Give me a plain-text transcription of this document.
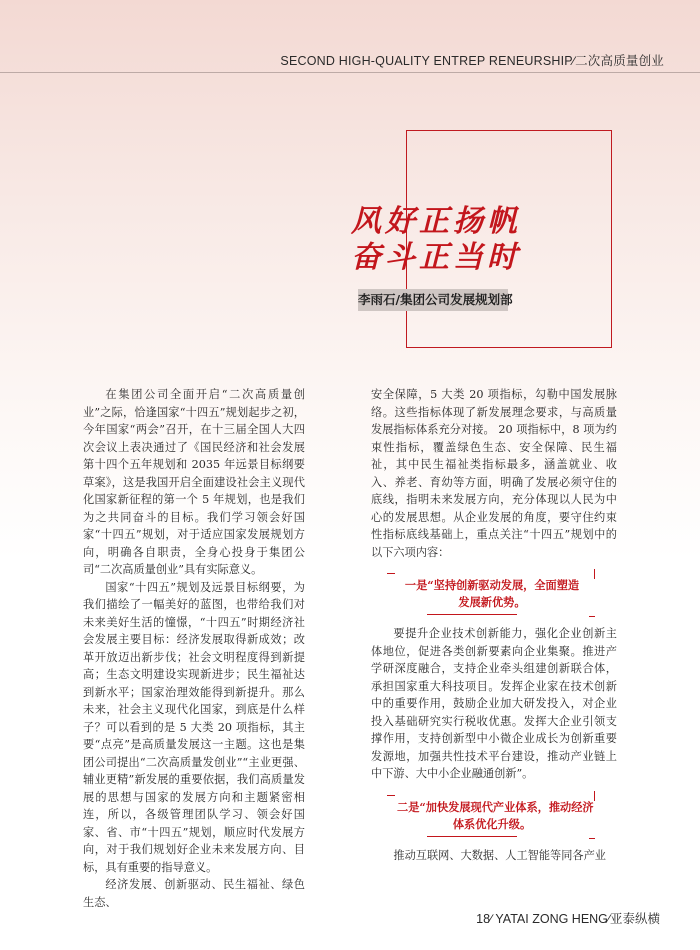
SECOND HIGH-QUALITY ENTREP RENEURSHIP∕二次高质量创业
风好正扬帆
奋斗正当时
李雨石/集团公司发展规划部

在集团公司全面开启“二次高质量创业”之际，恰逢国家“十四五”规划起步之初，今年国家“两会”召开，在十三届全国人大四次会议上表决通过了《国民经济和社会发展第十四个五年规划和 2035 年远景目标纲要草案》，这是我国开启全面建设社会主义现代化国家新征程的第一个 5 年规划，也是我们为之共同奋斗的目标。我们学习领会好国家“十四五”规划，对于适应国家发展规划方向，明确各自职责，全身心投身于集团公司“二次高质量创业”具有实际意义。

国家“十四五”规划及远景目标纲要，为我们描绘了一幅美好的蓝图，也带给我们对未来美好生活的憧憬，“十四五”时期经济社会发展主要目标：经济发展取得新成效；改革开放迈出新步伐；社会文明程度得到新提高；生态文明建设实现新进步；民生福祉达到新水平；国家治理效能得到新提升。那么未来，社会主义现代化国家，到底是什么样子？可以看到的是 5 大类 20 项指标，其主要“点亮”是高质量发展这一主题。这也是集团公司提出“二次高质量发创业”“主业更强、辅业更精”新发展的重要依据，我们高质量发展的思想与国家的发展方向和主题紧密相连，所以，各级管理团队学习、领会好国家、省、市“十四五”规划，顺应时代发展方向，对于我们规划好企业未来发展方向、目标，具有重要的指导意义。

经济发展、创新驱动、民生福祉、绿色生态、

安全保障，5 大类 20 项指标，勾勒中国发展脉络。这些指标体现了新发展理念要求，与高质量发展指标体系充分对接。 20 项指标中，8 项为约束性指标，覆盖绿色生态、安全保障、民生福祉，其中民生福祉类指标最多，涵盖就业、收入、养老、育幼等方面，明确了发展必须守住的底线，指明未来发展方向，充分体现以人民为中心的发展思想。从企业发展的角度，要守住约束性指标底线基础上，重点关注“十四五”规划中的以下六项内容：

一是“坚持创新驱动发展，全面塑造
发展新优势。

要提升企业技术创新能力，强化企业创新主体地位，促进各类创新要素向企业集聚。推进产学研深度融合，支持企业牵头组建创新联合体，承担国家重大科技项目。发挥企业家在技术创新中的重要作用，鼓励企业加大研发投入，对企业投入基础研究实行税收优惠。发挥大企业引领支撑作用，支持创新型中小微企业成长为创新重要发源地，加强共性技术平台建设，推动产业链上中下游、大中小企业融通创新”。

二是“加快发展现代产业体系，推动经济
体系优化升级。

推动互联网、大数据、人工智能等同各产业

18∕ YATAI ZONG HENG∕亚泰纵横
